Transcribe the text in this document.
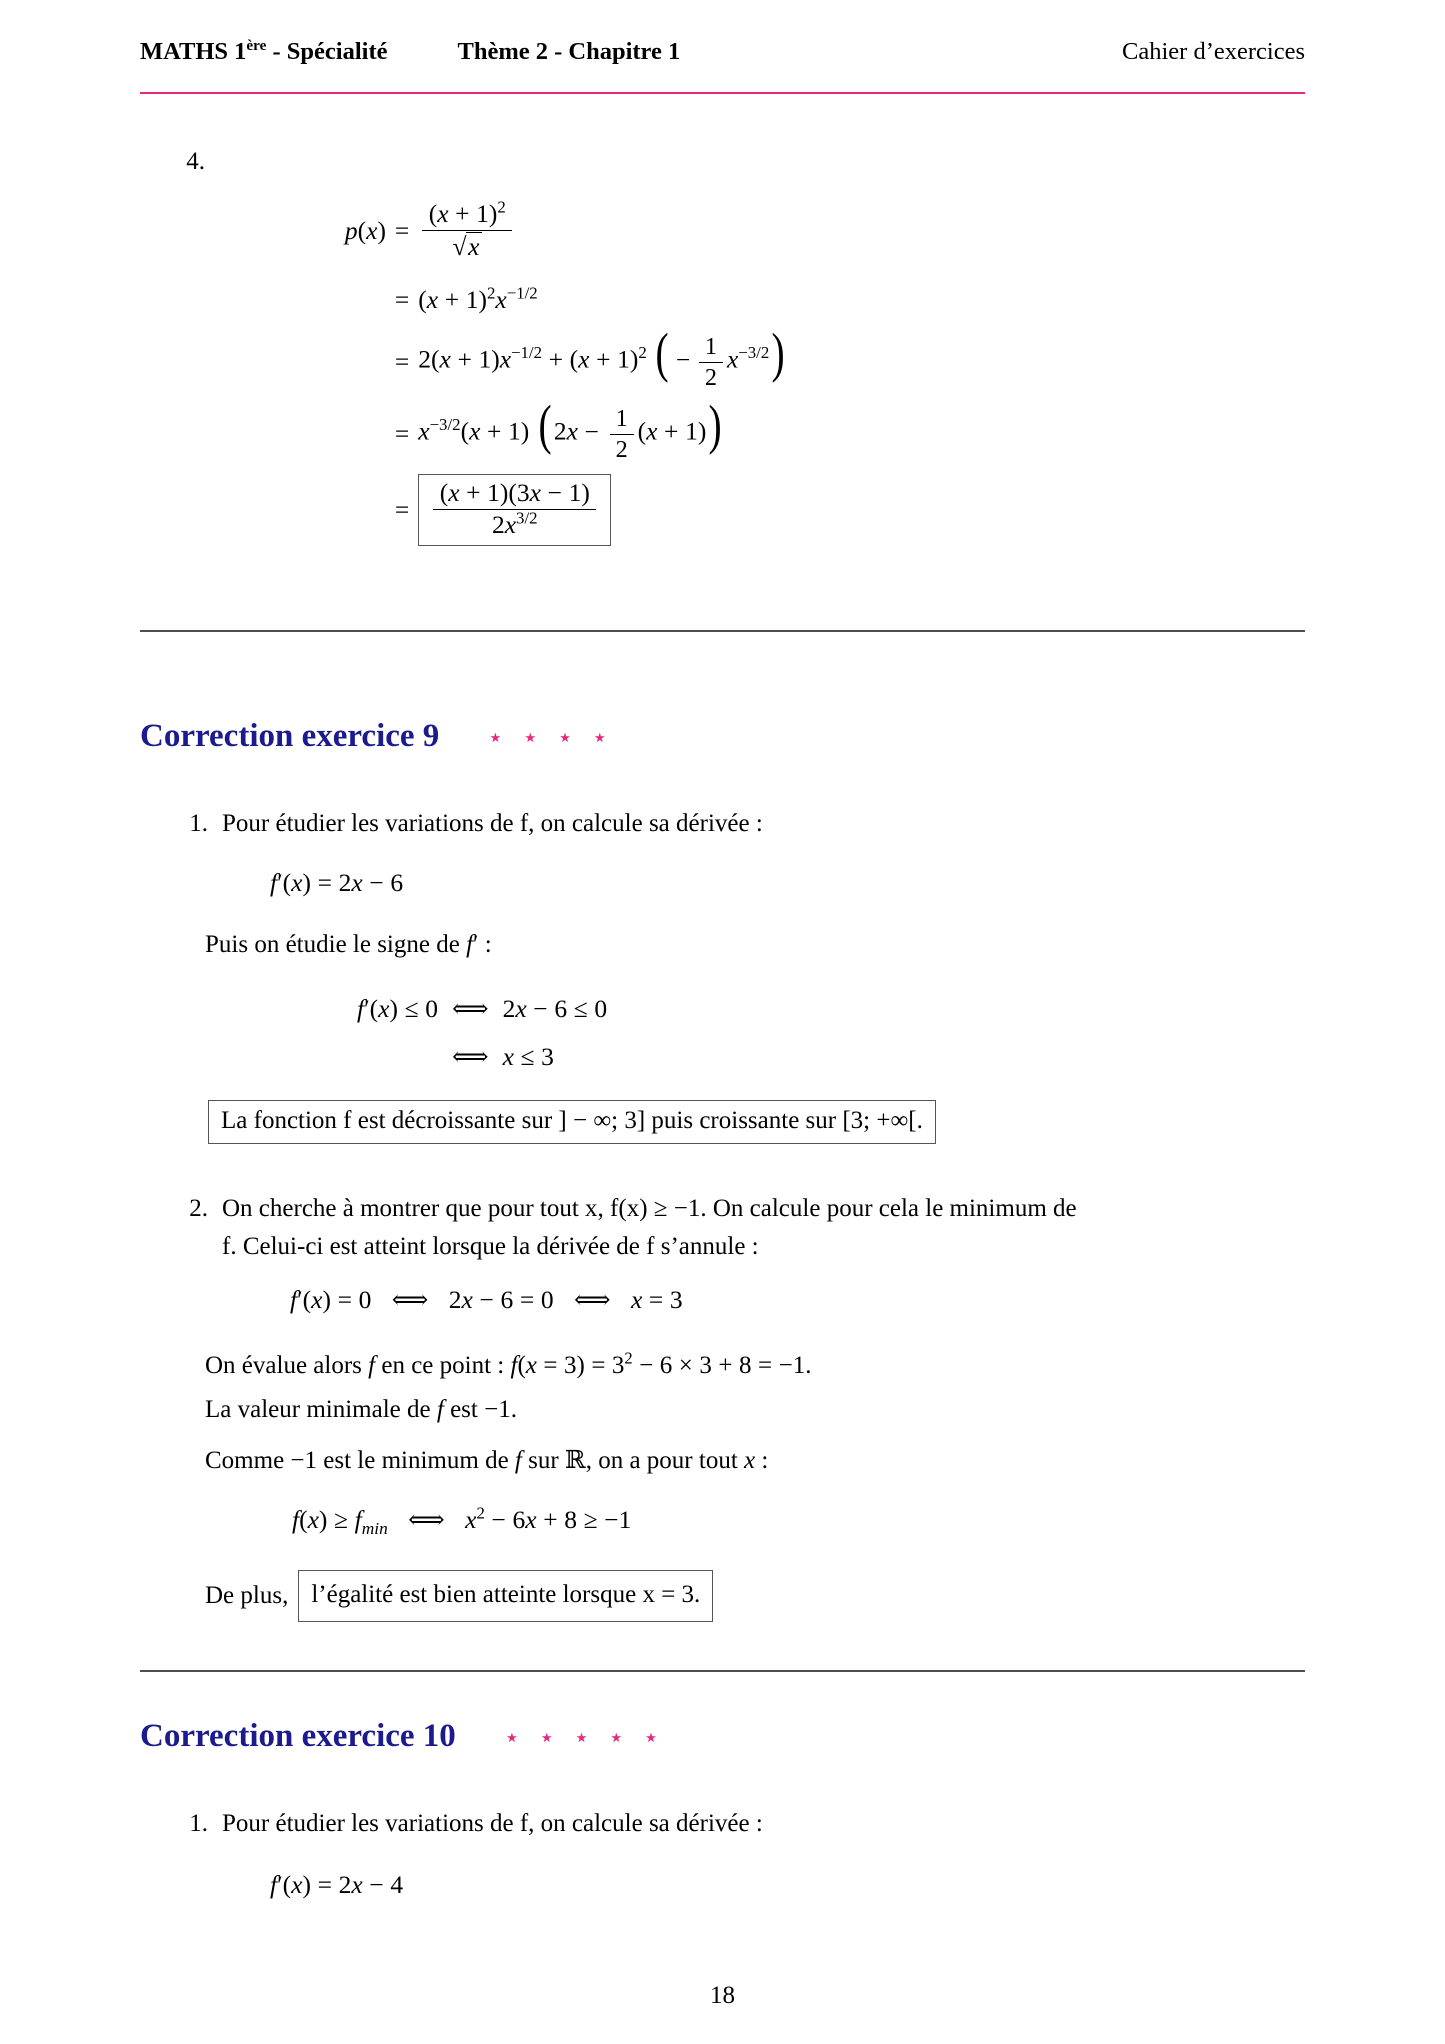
MATHS 1ère - Spécialité	Thème 2 - Chapitre 1	Cahier d’exercices
4.
$p(x) = \frac{(x + 1)^2}{√x}$
= $(x + 1)^2x^{-1/2}$
= $2(x + 1)x^{-1/2} + (x + 1)^2$ ( − $\frac{1}{2} x^{-3/2}$)
= $x^{-3/2}(x + 1)$ ( $2x - \frac{1}{2} (x + 1)$)
= $\frac{(x + 1)(3x - 1)}{2x^{3/2}}$
Correction exercice 9 ⋆ ⋆ ⋆ ⋆
1. Pour étudier les variations de f, on calcule sa dérivée :
f′(x) = 2x − 6
Puis on étudie le signe de f′ :
f′(x) ≤ 0 ⟺ 2x − 6 ≤ 0
⟺ x ≤ 3
La fonction f est décroissante sur ] − ∞; 3] puis croissante sur [3; +∞[.
2. On cherche à montrer que pour tout x, f(x) ≥ −1. On calcule pour cela le minimum de
f. Celui-ci est atteint lorsque la dérivée de f s’annule :
f′(x) = 0 ⟺ 2x − 6 = 0 ⟺ x = 3
On évalue alors f en ce point : $f(x = 3) = 3^2 - 6 \times 3 + 8 = -1$.
La valeur minimale de f est −1.
Comme −1 est le minimum de f sur ℝ, on a pour tout x :
$f(x) \ge f_{min}$ ⟺ $x^2 - 6x + 8 \ge -1$
De plus, l’égalité est bien atteinte lorsque x = 3.
Correction exercice 10 ⋆ ⋆ ⋆ ⋆ ⋆
1. Pour étudier les variations de f, on calcule sa dérivée :
f′(x) = 2x − 4
18
